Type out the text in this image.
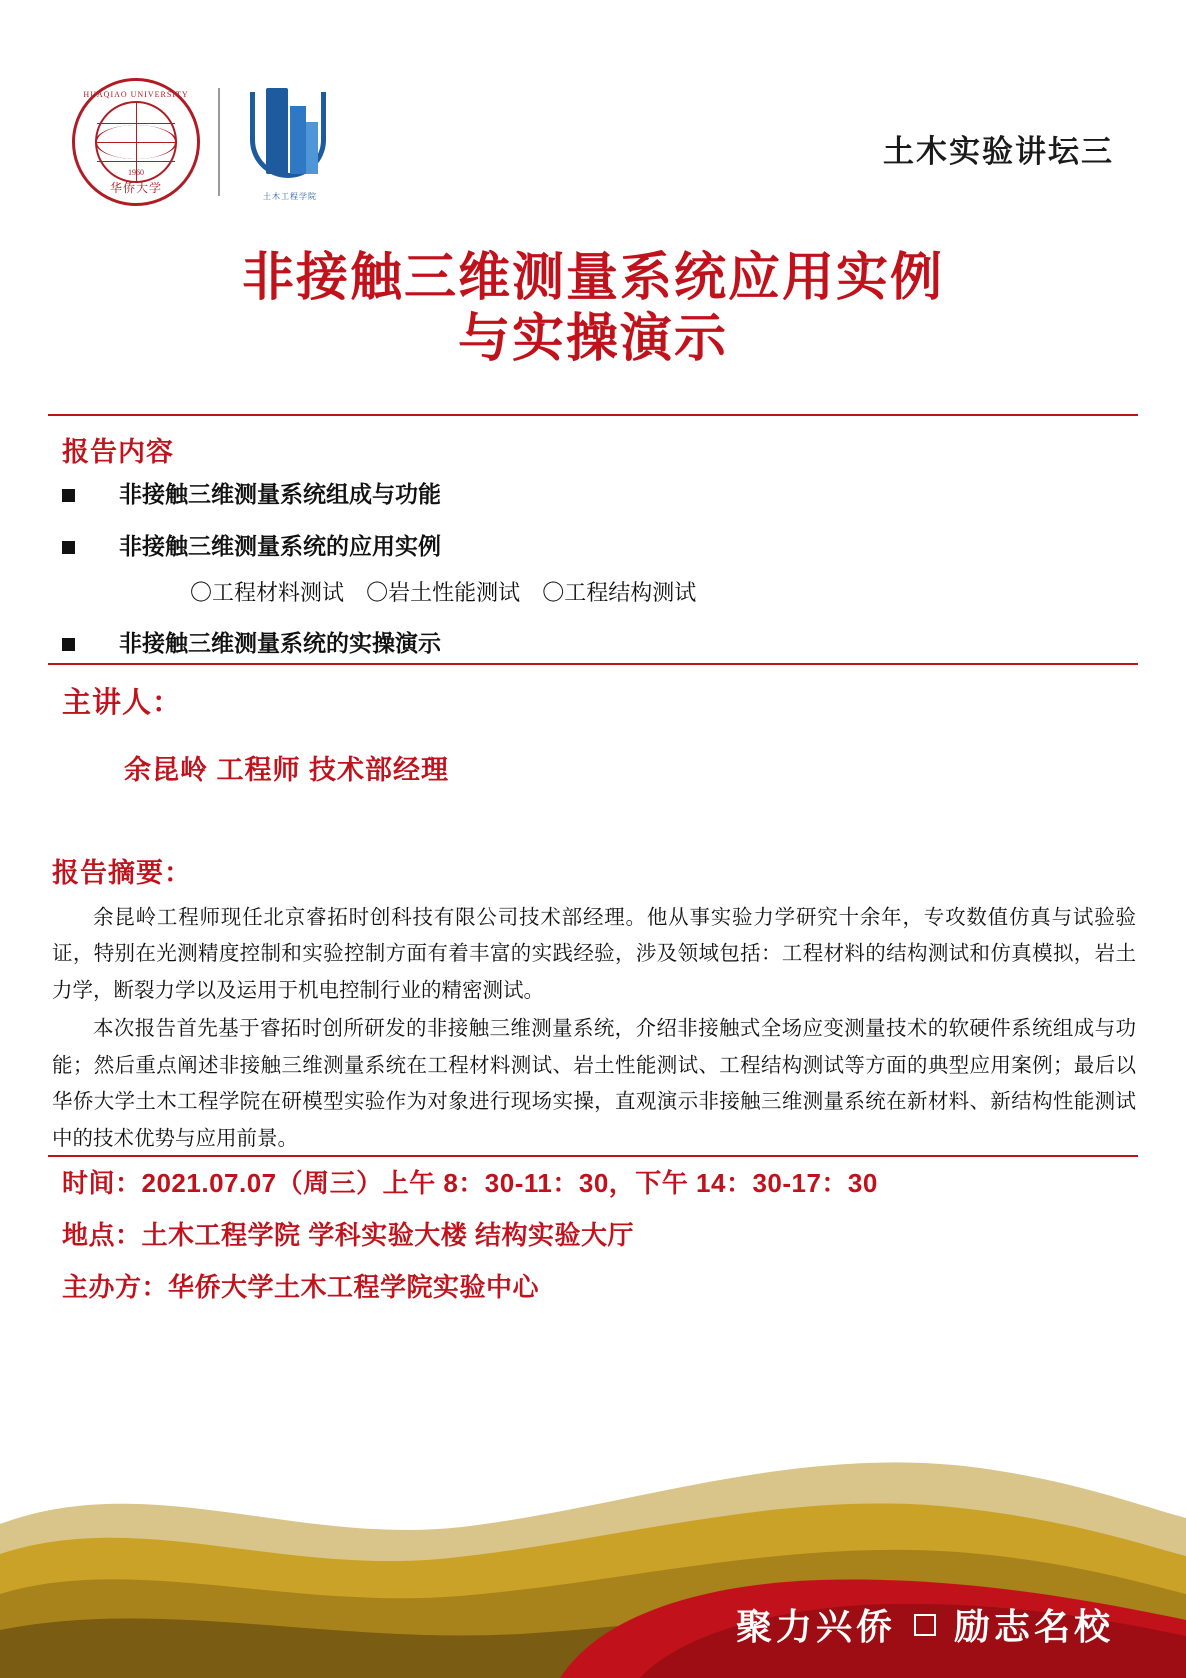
HUAQIAO UNIVERSITY
1960
华侨大学
土木工程学院
土木实验讲坛三
非接触三维测量系统应用实例
与实操演示
报告内容
非接触三维测量系统组成与功能
非接触三维测量系统的应用实例
〇工程材料测试 〇岩土性能测试 〇工程结构测试
非接触三维测量系统的实操演示
主讲人：
余昆岭 工程师 技术部经理
报告摘要：

余昆岭工程师现任北京睿拓时创科技有限公司技术部经理。他从事实验力学研究十余年，专攻数值仿真与试验验证，特别在光测精度控制和实验控制方面有着丰富的实践经验，涉及领域包括：工程材料的结构测试和仿真模拟，岩土力学，断裂力学以及运用于机电控制行业的精密测试。

本次报告首先基于睿拓时创所研发的非接触三维测量系统，介绍非接触式全场应变测量技术的软硬件系统组成与功能；然后重点阐述非接触三维测量系统在工程材料测试、岩土性能测试、工程结构测试等方面的典型应用案例；最后以华侨大学土木工程学院在研模型实验作为对象进行现场实操，直观演示非接触三维测量系统在新材料、新结构性能测试中的技术优势与应用前景。

时间：2021.07.07（周三）上午 8：30-11：30，下午 14：30-17：30
地点：土木工程学院 学科实验大楼 结构实验大厅
主办方：华侨大学土木工程学院实验中心
聚力兴侨 励志名校
